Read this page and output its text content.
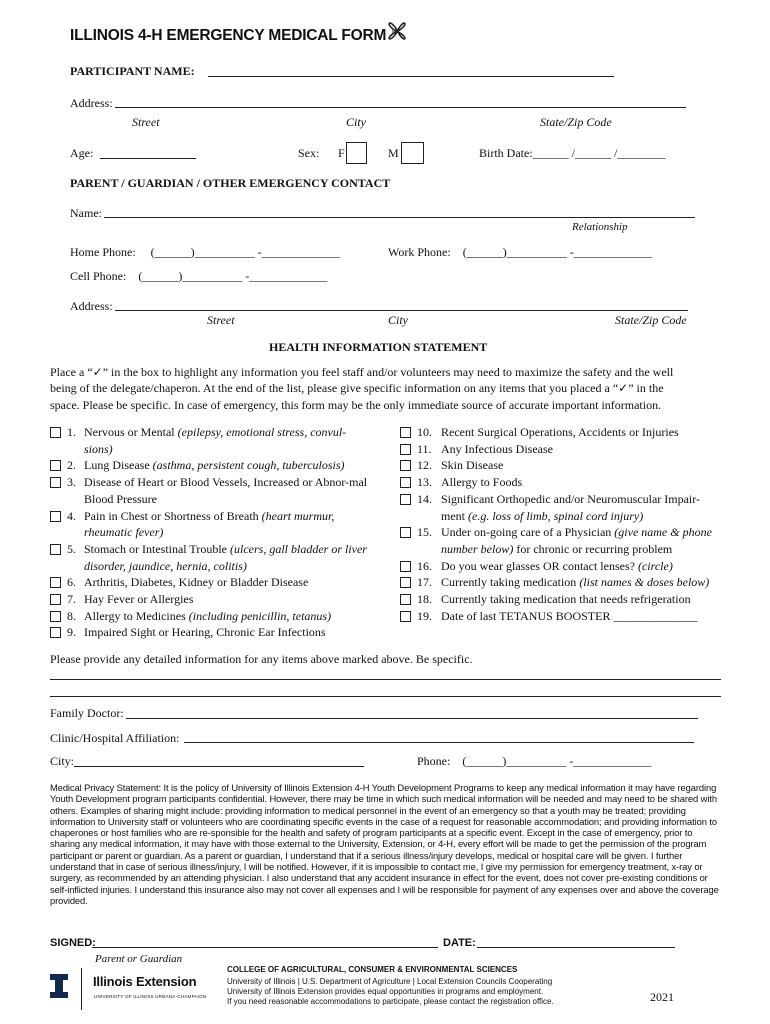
ILLINOIS 4-H EMERGENCY MEDICAL FORM H
PARTICIPANT NAME:
Address:
Street	City	State/Zip Code
Age:	Sex: F	M	Birth Date:______ /______ /________
PARENT / GUARDIAN / OTHER EMERGENCY CONTACT
Name:
Relationship
Home Phone: (______)__________ -_____________	Work Phone: (______)__________ -_____________
Cell Phone: (______)__________ -_____________
Address:
Street	City	State/Zip Code
HEALTH INFORMATION STATEMENT
Place a “✓” in the box to highlight any information you feel staff and/or volunteers may need to maximize the safety and the well
being of the delegate/chaperon. At the end of the list, please give specific information on any items that you placed a “✓” in the
space. Please be specific. In case of emergency, this form may be the only immediate source of accurate important information.
1. Nervous or Mental (epilepsy, emotional stress, convul-sions)
2. Lung Disease (asthma, persistent cough, tuberculosis)
3. Disease of Heart or Blood Vessels, Increased or Abnor-mal Blood Pressure
4. Pain in Chest or Shortness of Breath (heart murmur, rheumatic fever)
5. Stomach or Intestinal Trouble (ulcers, gall bladder or liver disorder, jaundice, hernia, colitis)
6. Arthritis, Diabetes, Kidney or Bladder Disease
7. Hay Fever or Allergies
8. Allergy to Medicines (including penicillin, tetanus)
9. Impaired Sight or Hearing, Chronic Ear Infections
10. Recent Surgical Operations, Accidents or Injuries
11. Any Infectious Disease
12. Skin Disease
13. Allergy to Foods
14. Significant Orthopedic and/or Neuromuscular Impair-ment (e.g. loss of limb, spinal cord injury)
15. Under on-going care of a Physician (give name & phone number below) for chronic or recurring problem
16. Do you wear glasses OR contact lenses? (circle)
17. Currently taking medication (list names & doses below)
18. Currently taking medication that needs refrigeration
19. Date of last TETANUS BOOSTER ______________
Please provide any detailed information for any items above marked above. Be specific.
Family Doctor:
Clinic/Hospital Affiliation:
City:	Phone: (______)__________ -_____________
Medical Privacy Statement: It is the policy of University of Illinois Extension 4-H Youth Development Programs to keep any medical information it may have regarding Youth Development program participants confidential. However, there may be time in which such medical information will be needed and may need to be shared with others. Examples of sharing might include: providing information to medical personnel in the event of an emergency so that a youth may be treated; providing information to University staff or volunteers who are coordinating specific events in the case of a request for reasonable accommodation; and providing information to chaperones or host families who are re-sponsible for the health and safety of program participants at a specific event. Except in the case of emergency, prior to sharing any medical information, it may have with those external to the University, Extension, or 4-H, every effort will be made to get the permission of the program participant or parent or guardian. As a parent or guardian, I understand that if a serious illness/injury develops, medical or hospital care will be given. I further understand that in case of serious illness/injury, I will be notified. However, if it is impossible to contact me, I give my permission for emergency treatment, x-ray or surgery, as recommended by an attending physician. I also understand that any accident insurance in effect for the event, does not cover pre-existing conditions or self-inflicted injuries. I understand this insurance also may not cover all expenses and I will be responsible for payment of any expenses over and above the coverage provided.
SIGNED:	DATE:
Parent or Guardian
Illinois Extension
UNIVERSITY OF ILLINOIS URBANA-CHAMPAIGN
COLLEGE OF AGRICULTURAL, CONSUMER & ENVIRONMENTAL SCIENCES
University of Illinois | U.S. Department of Agriculture | Local Extension Councils Cooperating
University of Illinois Extension provides equal opportunities in programs and employment.
If you need reasonable accommodations to participate, please contact the registration office.	2021
